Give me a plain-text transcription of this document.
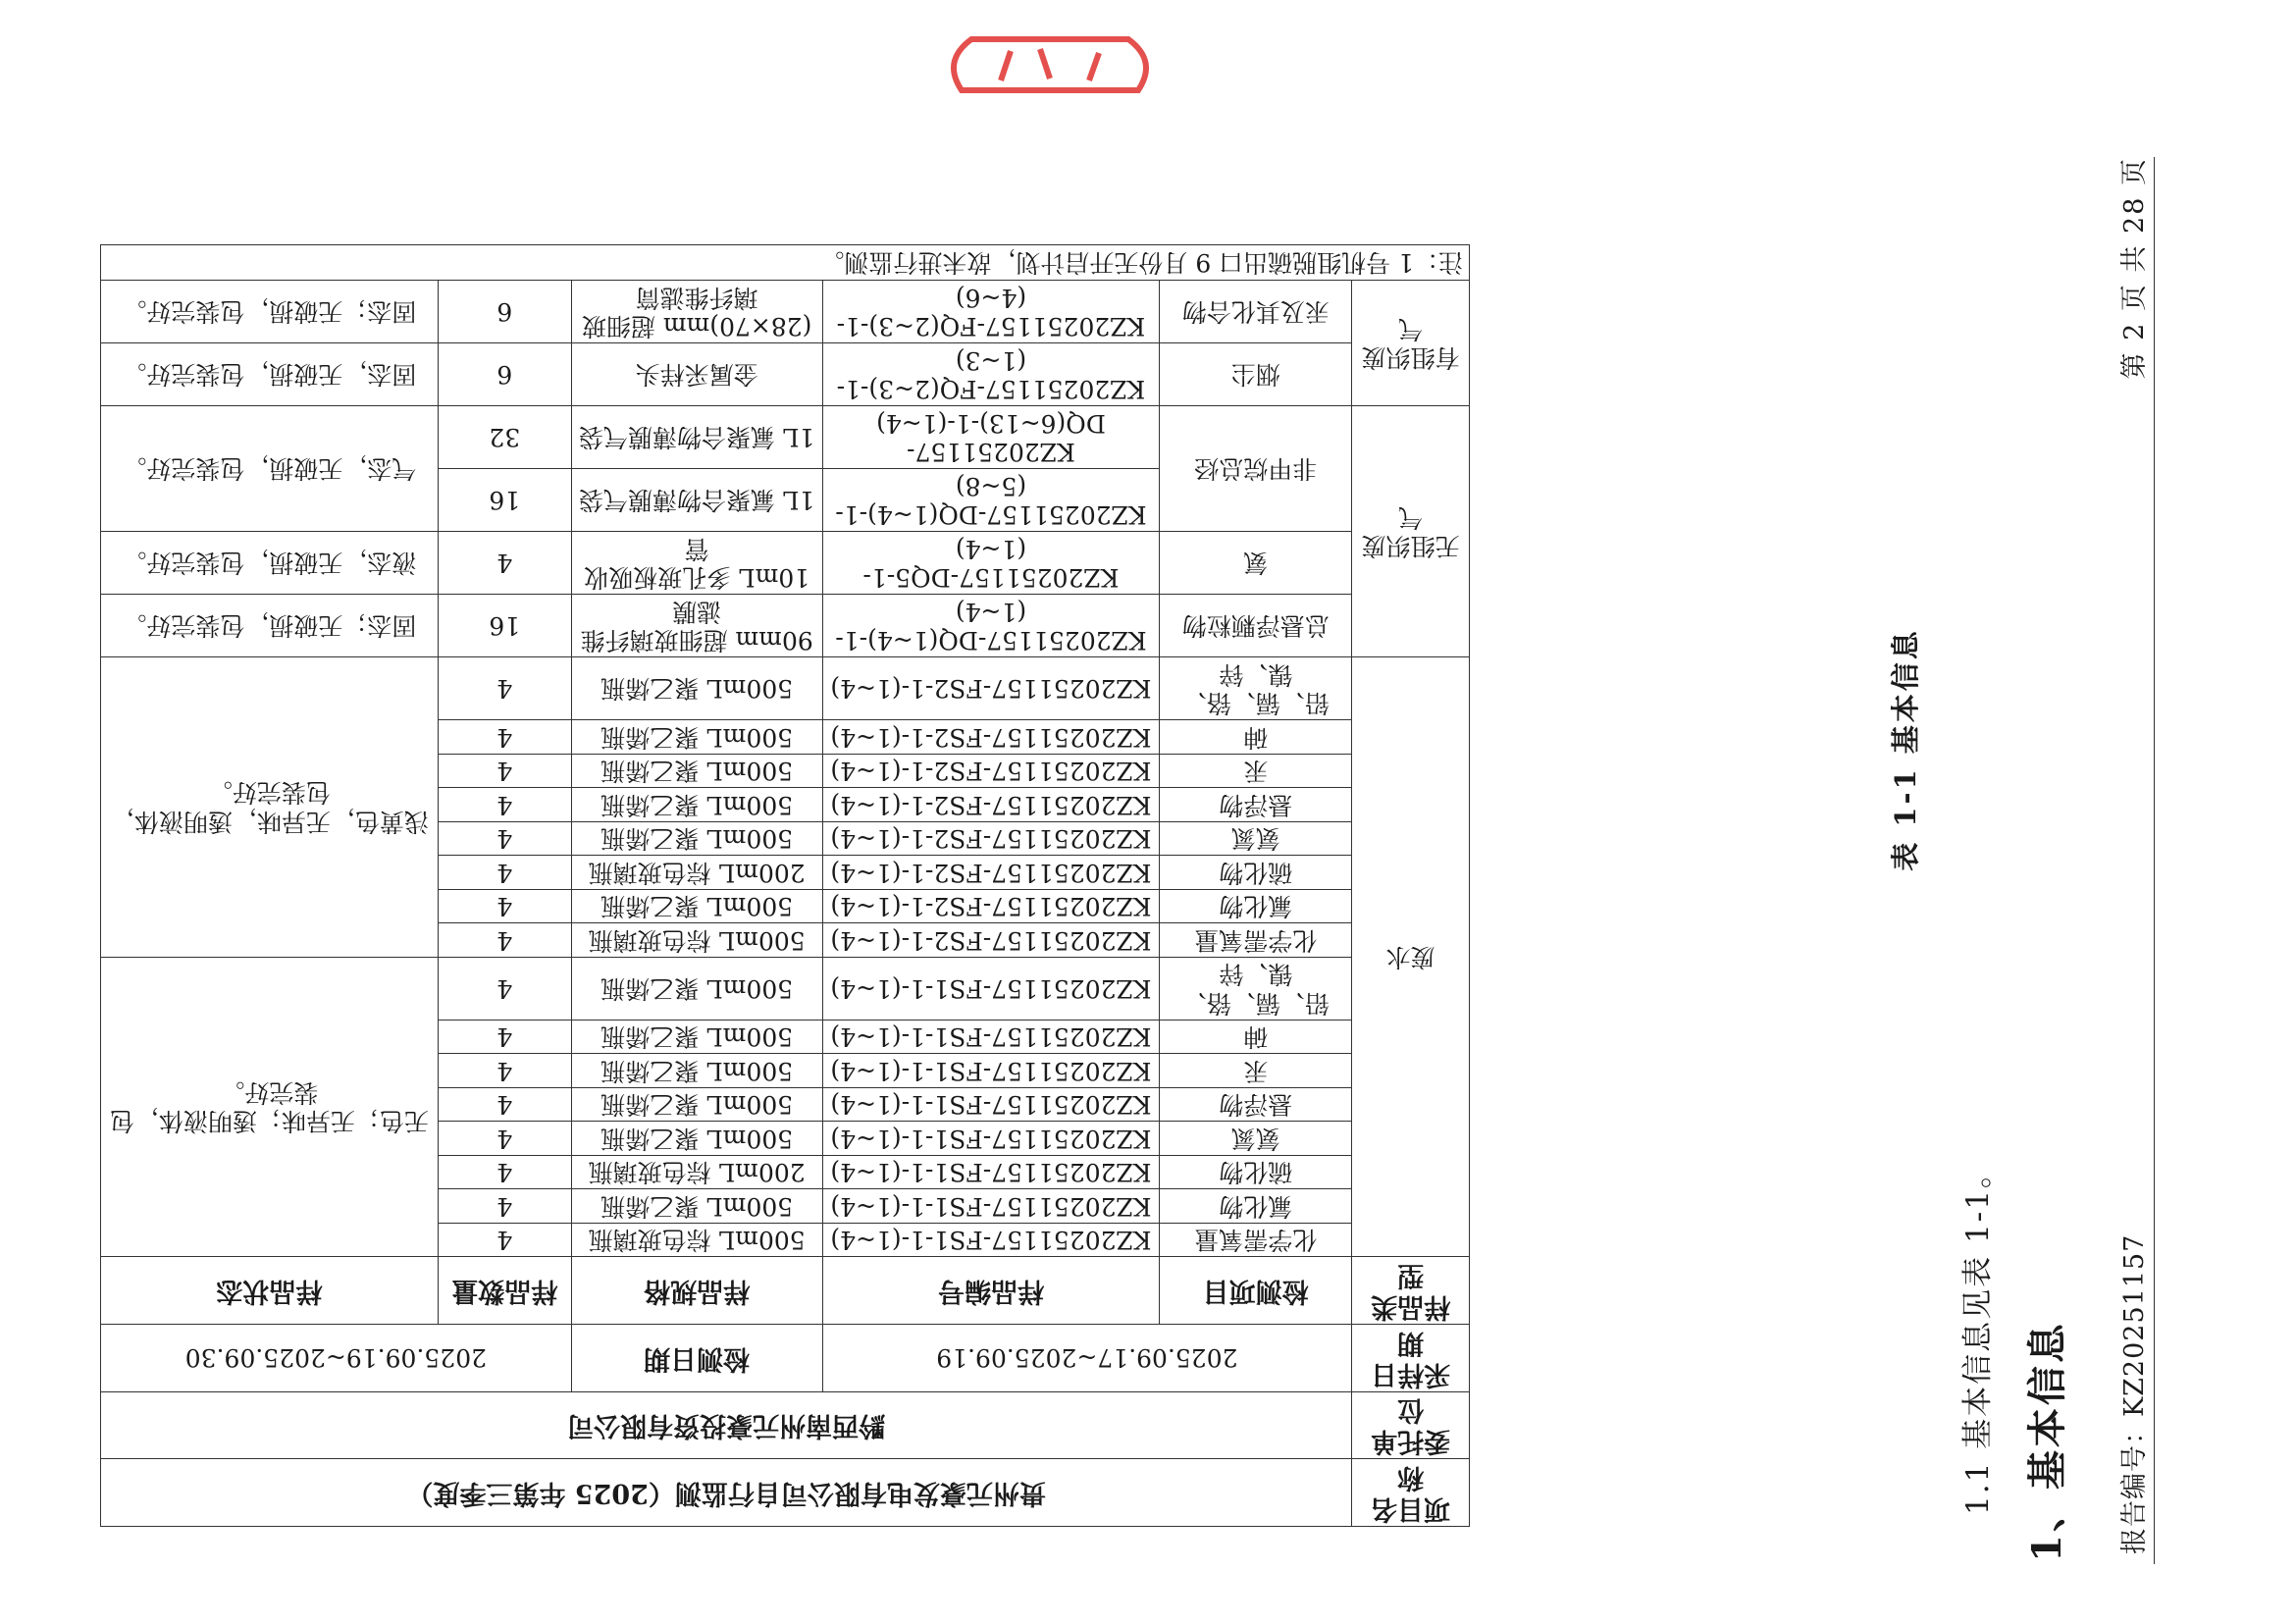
报告编号：KZ20251157
第 2 页 共 28 页
1、基本信息
1.1 基本信息见表 1-1。
表 1-1 基本信息
项目名称	贵州元豪发电有限公司自行监测（2025 年第三季度）				
委托单位	黔西南州元豪投资有限公司				
采样日期	2025.09.17~2025.09.19		检测日期	2025.09.19~2025.09.30	
样品类型	检测项目	样品编号	样品规格	样品数量	样品状态
废水	化学需氧量	KZ20251157-FS1-1-(1~4)	500mL 棕色玻璃瓶	4	无色；无异味；透明液体，包装完好。
	氟化物	KZ20251157-FS1-1-(1~4)	500mL 聚乙烯瓶	4	
	硫化物	KZ20251157-FS1-1-(1~4)	200mL 棕色玻璃瓶	4	
	氨氮	KZ20251157-FS1-1-(1~4)	500mL 聚乙烯瓶	4	
	悬浮物	KZ20251157-FS1-1-(1~4)	500mL 聚乙烯瓶	4	
	汞	KZ20251157-FS1-1-(1~4)	500mL 聚乙烯瓶	4	
	砷	KZ20251157-FS1-1-(1~4)	500mL 聚乙烯瓶	4	
	铅、镉、铬、镍、锌	KZ20251157-FS1-1-(1~4)	500mL 聚乙烯瓶	4	
	化学需氧量	KZ20251157-FS2-1-(1~4)	500mL 棕色玻璃瓶	4	浅黄色，无异味，透明液体，包装完好。
	氟化物	KZ20251157-FS2-1-(1~4)	500mL 聚乙烯瓶	4	
	硫化物	KZ20251157-FS2-1-(1~4)	200mL 棕色玻璃瓶	4	
	氨氮	KZ20251157-FS2-1-(1~4)	500mL 聚乙烯瓶	4	
	悬浮物	KZ20251157-FS2-1-(1~4)	500mL 聚乙烯瓶	4	
	汞	KZ20251157-FS2-1-(1~4)	500mL 聚乙烯瓶	4	
	砷	KZ20251157-FS2-1-(1~4)	500mL 聚乙烯瓶	4	
	铅、镉、铬、镍、锌	KZ20251157-FS2-1-(1~4)	500mL 聚乙烯瓶	4	
无组织废气	总悬浮颗粒物	KZ20251157-DQ(1~4)-1-(1~4)	90mm 超细玻璃纤维滤膜	16	固态；无破损，包装完好。
	氨	KZ20251157-DQ5-1-(1~4)	10mL 多孔玻板吸收管	4	液态，无破损，包装完好。
	非甲烷总烃	KZ20251157-DQ(1~4)-1-(5~8)	1L 氟聚合物薄膜气袋	16	气态，无破损，包装完好。
		KZ20251157-DQ(6~13)-1-(1~4)	1L 氟聚合物薄膜气袋	32	
有组织废气	烟尘	KZ20251157-FQ(2~3)-1-(1~3)	金属采样头	6	固态，无破损，包装完好。
	汞及其化合物	KZ20251157-FQ(2~3)-1-(4~6)	(28×70)mm 超细玻璃纤维滤筒	6	固态；无破损，包装完好。
注：1 号机组脱硫出口 9 月份无开启计划，故未进行监测。					
